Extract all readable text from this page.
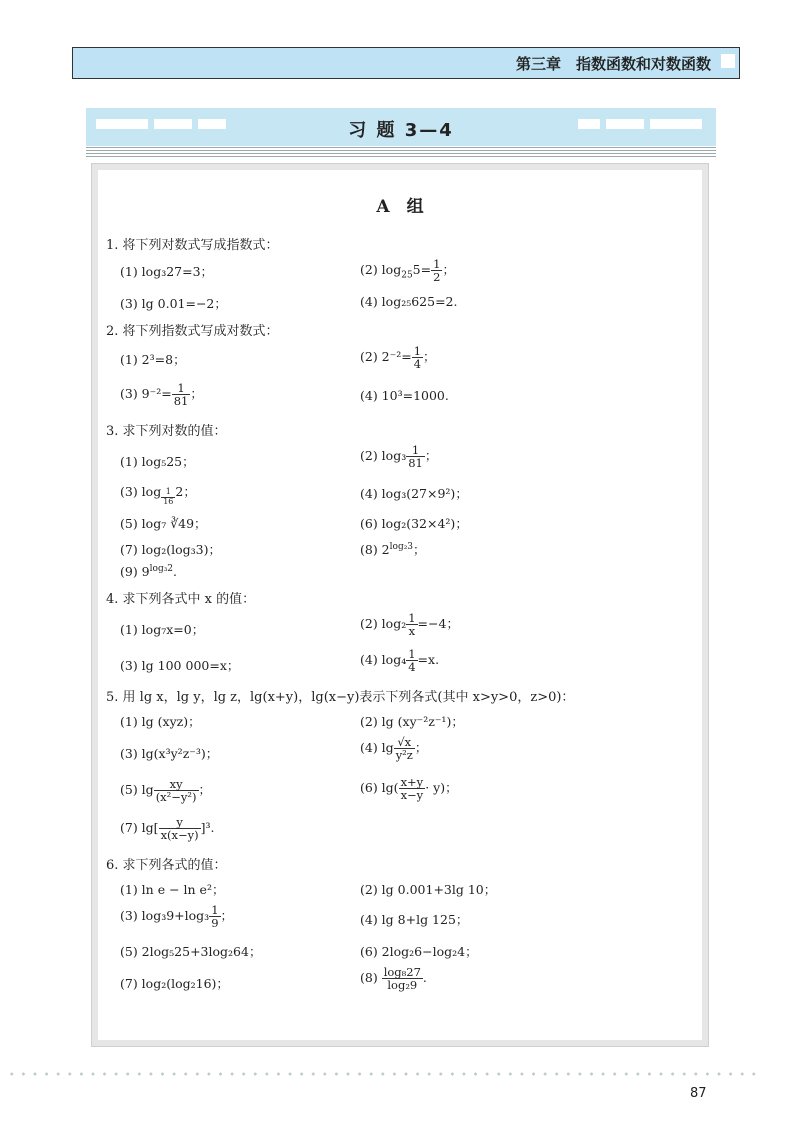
第三章　指数函数和对数函数
习 题 3—4
A　组
1. 将下列对数式写成指数式：
(1) log₃27=3；	(2) $\log_{25}5= \frac{1}{2}$ ；
(3) lg 0.01=−2；	(4) log₂₅625=2.
2. 将下列指数式写成对数式：
(1) 2³=8；	(2) $2^{-2}= \frac{1}{4}$ ；
(3) $9^{-2}= \frac{1}{81}$ ；	(4) 10³=1000.
3. 求下列对数的值：
(1) log₅25；	(2) $\log_3 \frac{1}{81}$ ；
(3) log $_{\frac{1}{16}}$ 2；	(4) log₃(27×9²)；
(5) log₇ ∛49；	(6) log₂(32×4²)；
(7) log₂(log₃3)；	(8) $2^{log_23}$；
(9) $9^{log_32}$.
4. 求下列各式中 x 的值：
(1) log₇x=0；	(2) $\log_2 \frac{1}{x} =-4$；
(3) lg 100 000=x；	(4) $\log_4 \frac{1}{4} =x$.
5. 用 lg x，lg y，lg z，lg(x+y)，lg(x−y)表示下列各式(其中 x>y>0，z>0)：
(1) lg (xyz)；	(2) lg (xy⁻²z⁻¹)；
(3) lg(x³y²z⁻³)；	(4) $\lg \frac{√x}{\text{y²z}}$ ；
(5) $\lg \frac{xy}{\text{(x²−y²)}}$ ；	(6) $\lg( \frac{x+y}{x-y} \cdot y)$；
(7) $\lg[ \frac{y}{x(x-y)} ]^3$.
6. 求下列各式的值：
(1) ln e − ln e²；	(2) lg 0.001+3lg 10；
(3) $\log_39+\log_3 \frac{1}{9}$ ；	(4) lg 8+lg 125；
(5) 2log₅25+3log₂64；	(6) 2log₂6−log₂4；
(7) log₂(log₂16)；	$(8) \frac{\text{log₈27}}{\text{log₂9}}$ .
87
